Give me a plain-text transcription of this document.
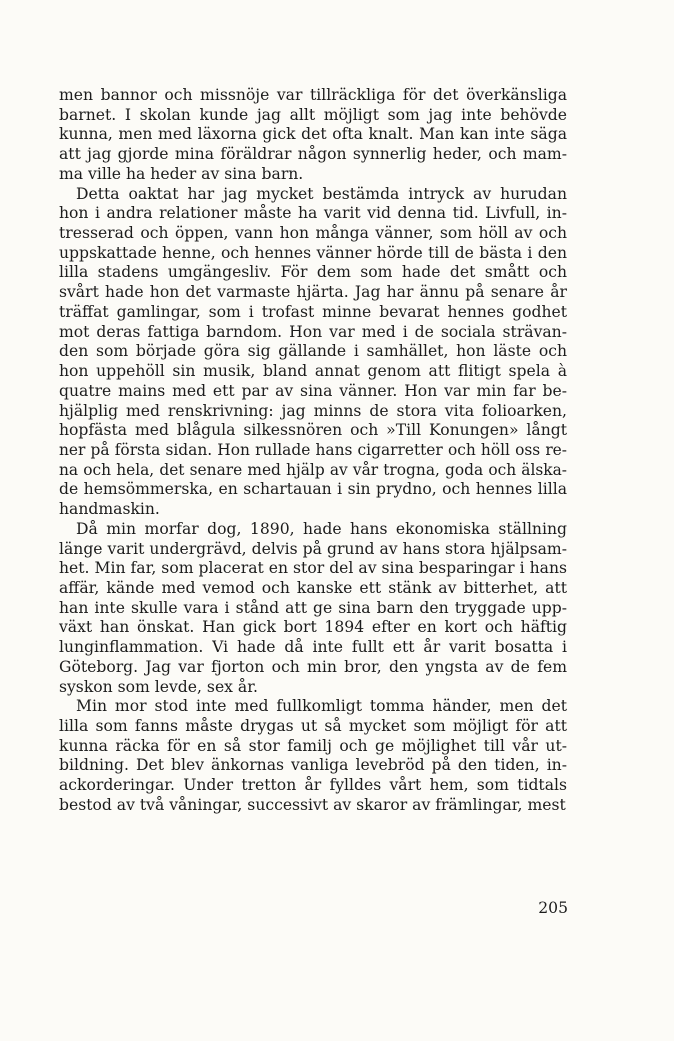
men bannor och missnöje var tillräckliga för det överkänsliga
barnet. I skolan kunde jag allt möjligt som jag inte behövde
kunna, men med läxorna gick det ofta knalt. Man kan inte säga
att jag gjorde mina föräldrar någon synnerlig heder, och mam-
ma ville ha heder av sina barn.
Detta oaktat har jag mycket bestämda intryck av hurudan
hon i andra relationer måste ha varit vid denna tid. Livfull, in-
tresserad och öppen, vann hon många vänner, som höll av och
uppskattade henne, och hennes vänner hörde till de bästa i den
lilla stadens umgängesliv. För dem som hade det smått och
svårt hade hon det varmaste hjärta. Jag har ännu på senare år
träffat gamlingar, som i trofast minne bevarat hennes godhet
mot deras fattiga barndom. Hon var med i de sociala strävan-
den som började göra sig gällande i samhället, hon läste och
hon uppehöll sin musik, bland annat genom att flitigt spela à
quatre mains med ett par av sina vänner. Hon var min far be-
hjälplig med renskrivning: jag minns de stora vita folioarken,
hopfästa med blågula silkessnören och »Till Konungen» långt
ner på första sidan. Hon rullade hans cigarretter och höll oss re-
na och hela, det senare med hjälp av vår trogna, goda och älska-
de hemsömmerska, en schartauan i sin prydno, och hennes lilla
handmaskin.
Då min morfar dog, 1890, hade hans ekonomiska ställning
länge varit undergrävd, delvis på grund av hans stora hjälpsam-
het. Min far, som placerat en stor del av sina besparingar i hans
affär, kände med vemod och kanske ett stänk av bitterhet, att
han inte skulle vara i stånd att ge sina barn den tryggade upp-
växt han önskat. Han gick bort 1894 efter en kort och häftig
lunginflammation. Vi hade då inte fullt ett år varit bosatta i
Göteborg. Jag var fjorton och min bror, den yngsta av de fem
syskon som levde, sex år.
Min mor stod inte med fullkomligt tomma händer, men det
lilla som fanns måste drygas ut så mycket som möjligt för att
kunna räcka för en så stor familj och ge möjlighet till vår ut-
bildning. Det blev änkornas vanliga levebröd på den tiden, in-
ackorderingar. Under tretton år fylldes vårt hem, som tidtals
bestod av två våningar, successivt av skaror av främlingar, mest
205
